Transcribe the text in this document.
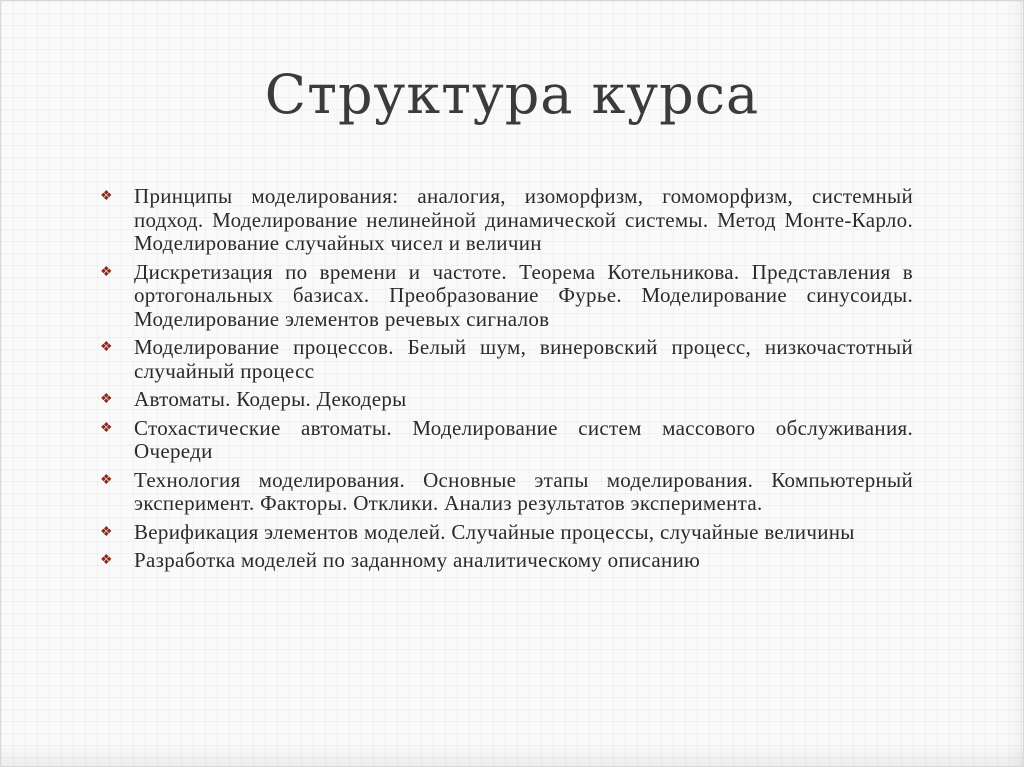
Структура курса
❖	Принципы моделирования: аналогия, изоморфизм, гомоморфизм, системный подход. Моделирование нелинейной динамической системы. Метод Монте-Карло. Моделирование случайных чисел и величин
❖	Дискретизация по времени и частоте. Теорема Котельникова. Представления в ортогональных базисах. Преобразование Фурье. Моделирование синусоиды. Моделирование элементов речевых сигналов
❖	Моделирование процессов. Белый шум, винеровский процесс, низкочастотный случайный процесс
❖	Автоматы. Кодеры. Декодеры
❖	Стохастические автоматы. Моделирование систем массового обслуживания. Очереди
❖	Технология моделирования. Основные этапы моделирования. Компьютерный эксперимент. Факторы. Отклики. Анализ результатов эксперимента.
❖	Верификация элементов моделей. Случайные процессы, случайные величины
❖	Разработка моделей по заданному аналитическому описанию
